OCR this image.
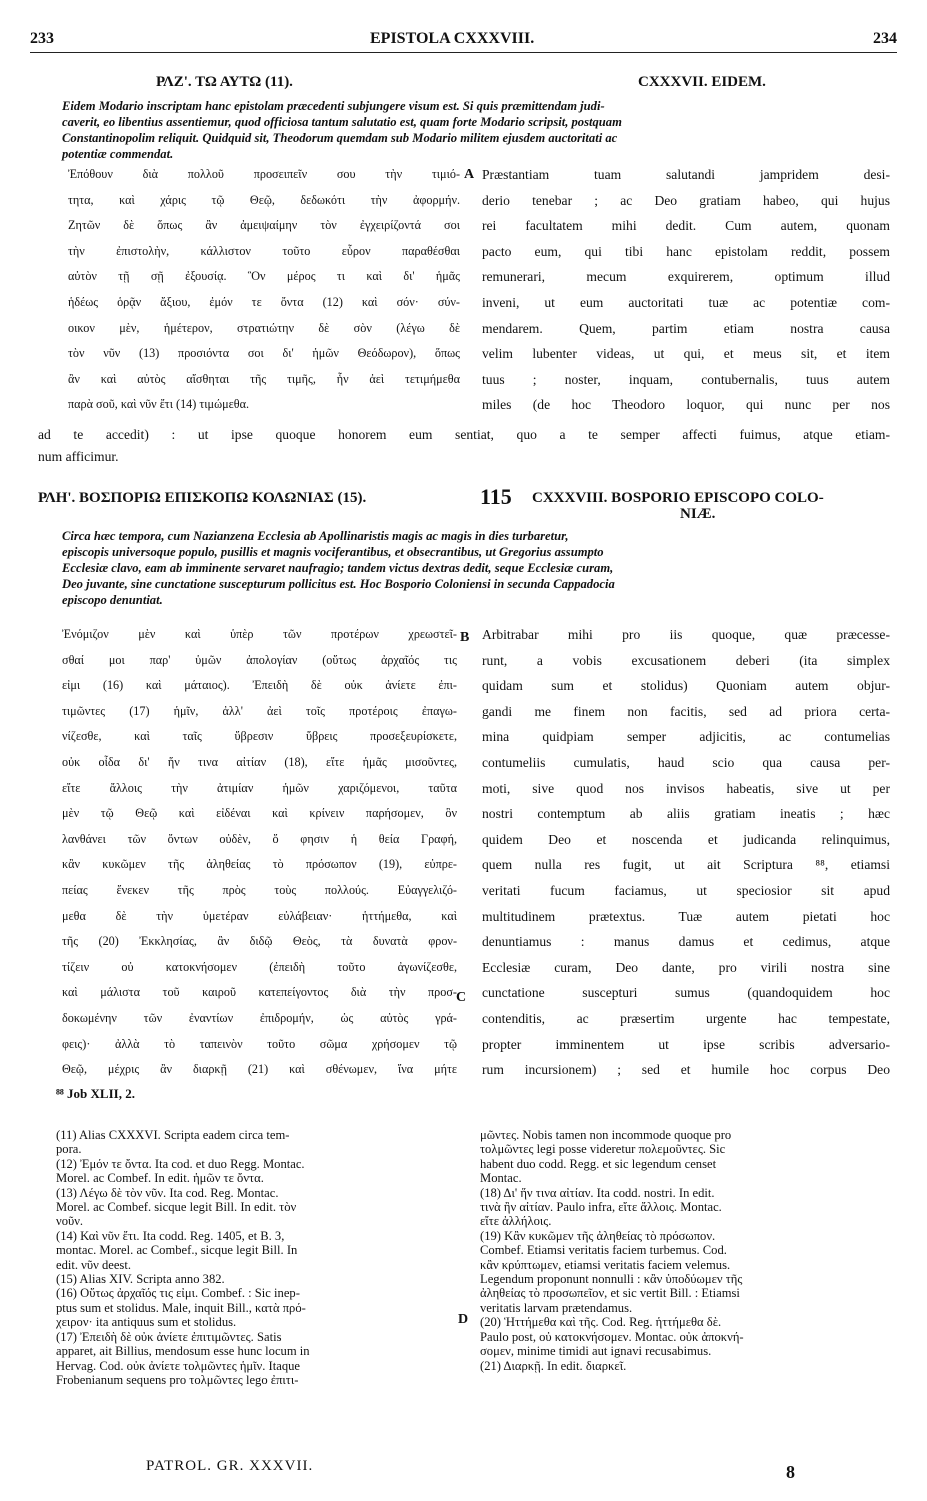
233	EPISTOLA CXXXVIII.	234
ΡΛΖ'. ΤΩ ΑΥΤΩ (11).	CXXXVII. EIDEM.
Eidem Modario inscriptam hanc epistolam præcedenti subjungere visum est. Si quis præmittendam judi-
caverit, eo libentius assentiemur, quod officiosa tantum salutatio est, quam forte Modario scripsit, postquam
Constantinopolim reliquit. Quidquid sit, Theodorum quemdam sub Modario militem ejusdem auctoritati ac
potentiæ commendat.
Ἐπόθουν διὰ πολλοῦ προσειπεῖν σου τὴν τιμιό-
τητα, καὶ χάρις τῷ Θεῷ, δεδωκότι τὴν ἀφορμήν.
Ζητῶν δὲ ὅπως ἂν ἀμειψαίμην τὸν ἐγχειρίζοντά σοι
τὴν ἐπιστολὴν, κάλλιστον τοῦτο εὗρον παραθέσθαι
αὐτὸν τῇ σῇ ἐξουσίᾳ. Ὃν μέρος τι καὶ δι' ἡμᾶς
ἡδέως ὁρᾷν ἄξιου, ἐμόν τε ὄντα (12) καὶ σόν· σύν-
οικον μὲν, ἡμέτερον, στρατιώτην δὲ σὸν (λέγω δὲ
τὸν νῦν (13) προσιόντα σοι δι' ἡμῶν Θεόδωρον), ὅπως
ἂν καὶ αὐτὸς αἴσθηται τῆς τιμῆς, ἧν ἀεὶ τετιμήμεθα
παρὰ σοῦ, καὶ νῦν ἔτι (14) τιμώμεθα.
A Præstantiam tuam salutandi jampridem desi-
derio tenebar ; ac Deo gratiam habeo, qui hujus
rei facultatem mihi dedit. Cum autem, quonam
pacto eum, qui tibi hanc epistolam reddit, possem
remunerari, mecum exquirerem, optimum illud
inveni, ut eum auctoritati tuæ ac potentiæ com-
mendarem. Quem, partim etiam nostra causa
velim lubenter videas, ut qui, et meus sit, et item
tuus ; noster, inquam, contubernalis, tuus autem
miles (de hoc Theodoro loquor, qui nunc per nos
ad te accedit) : ut ipse quoque honorem eum sentiat, quo a te semper affecti fuimus, atque etiam-
num afficimur.
ΡΛΗ'. ΒΟΣΠΟΡΙΩ ΕΠΙΣΚΟΠΩ ΚΟΛΩΝΙΑΣ (15).	115 CXXXVIII. BOSPORIO EPISCOPO COLO-
NIÆ.
Circa hæc tempora, cum Nazianzena Ecclesia ab Apollinaristis magis ac magis in dies turbaretur,
episcopis universoque populo, pusillis et magnis vociferantibus, et obsecrantibus, ut Gregorius assumpto
Ecclesiæ clavo, eam ab imminente servaret naufragio; tandem victus dextras dedit, seque Ecclesiæ curam,
Deo juvante, sine cunctatione suscepturum pollicitus est. Hoc Bosporio Coloniensi in secunda Cappadocia
episcopo denuntiat.
Ἐνόμιζον μὲν καὶ ὑπὲρ τῶν προτέρων χρεωστεῖ-
σθαί μοι παρ' ὑμῶν ἀπολογίαν (οὕτως ἀρχαῖός τις
εἰμι (16) καὶ μάταιος). Ἐπειδὴ δὲ οὐκ ἀνίετε ἐπι-
τιμῶντες (17) ἡμῖν, ἀλλ' ἀεὶ τοῖς προτέροις ἐπαγω-
νίζεσθε, καὶ ταῖς ὕβρεσιν ὕβρεις προσεξευρίσκετε,
οὐκ οἶδα δι' ἥν τινα αἰτίαν (18), εἴτε ἡμᾶς μισοῦντες,
εἴτε ἄλλοις τὴν ἀτιμίαν ἡμῶν χαριζόμενοι, ταῦτα
μὲν τῷ Θεῷ καὶ εἰδέναι καὶ κρίνειν παρήσομεν, ὃν
λανθάνει τῶν ὄντων οὐδὲν, ὅ φησιν ἡ θεία Γραφή,
κἂν κυκῶμεν τῆς ἀληθείας τὸ πρόσωπον (19), εὐπρε-
πείας ἕνεκεν τῆς πρὸς τοὺς πολλούς. Εὐαγγελιζό-
μεθα δὲ τὴν ὑμετέραν εὐλάβειαν· ἡττήμεθα, καὶ
τῆς (20) Ἐκκλησίας, ἂν διδῷ Θεὸς, τὰ δυνατὰ φρον-
τίζειν οὐ κατοκνήσομεν (ἐπειδὴ τοῦτο ἀγωνίζεσθε,
καὶ μάλιστα τοῦ καιροῦ κατεπείγοντος διὰ τὴν προσ-
δοκωμένην τῶν ἐναντίων ἐπιδρομήν, ὡς αὐτὸς γρά-
φεις)· ἀλλὰ τὸ ταπεινὸν τοῦτο σῶμα χρήσομεν τῷ
Θεῷ, μέχρις ἂν διαρκῇ (21) καὶ σθένωμεν, ἵνα μήτε
B
C
Arbitrabar mihi pro iis quoque, quæ præcesse-
runt, a vobis excusationem deberi (ita simplex
quidam sum et stolidus) Quoniam autem objur-
gandi me finem non facitis, sed ad priora certa-
mina quidpiam semper adjicitis, ac contumelias
contumeliis cumulatis, haud scio qua causa per-
moti, sive quod nos invisos habeatis, sive ut per
nostri contemptum ab aliis gratiam ineatis ; hæc
quidem Deo et noscenda et judicanda relinquimus,
quem nulla res fugit, ut ait Scriptura ⁸⁸, etiamsi
veritati fucum faciamus, ut speciosior sit apud
multitudinem prætextus. Tuæ autem pietati hoc
denuntiamus : manus damus et cedimus, atque
Ecclesiæ curam, Deo dante, pro virili nostra sine
cunctatione suscepturi sumus (quandoquidem hoc
contenditis, ac præsertim urgente hac tempestate,
propter imminentem ut ipse scribis adversario-
rum incursionem) ; sed et humile hoc corpus Deo
⁸⁸ Job XLII, 2.
(11) Alias CXXXVI. Scripta eadem circa tem-
pora.
(12) Ἐμόν τε ὄντα. Ita cod. et duo Regg. Montac.
Morel. ac Combef. In edit. ἡμῶν τε ὄντα.
(13) Λέγω δὲ τὸν νῦν. Ita cod. Reg. Montac.
Morel. ac Combef. sicque legit Bill. In edit. τὸν
νοῦν.
(14) Καὶ νῦν ἔτι. Ita codd. Reg. 1405, et B. 3,
montac. Morel. ac Combef., sicque legit Bill. In
edit. νῦν deest.
(15) Alias XIV. Scripta anno 382.
(16) Οὕτως ἀρχαῖός τις εἰμι. Combef. : Sic inep-
ptus sum et stolidus. Male, inquit Bill., κατὰ πρό-
χειρον· ita antiquus sum et stolidus.
(17) Ἐπειδὴ δὲ οὐκ ἀνίετε ἐπιτιμῶντες. Satis
apparet, ait Billius, mendosum esse hunc locum in
Hervag. Cod. οὐκ ἀνίετε τολμῶντες ἡμῖν. Itaque
Frobenianum sequens pro τολμῶντες lego ἐπιτι-
D
μῶντες. Nobis tamen non incommode quoque pro
τολμῶντες legi posse videretur πολεμοῦντες. Sic
habent duo codd. Regg. et sic legendum censet
Montac.
(18) Δι' ἥν τινα αἰτίαν. Ita codd. nostri. In edit.
τινὰ ἢν αἰτίαν. Paulo infra, εἴτε ἄλλοις. Montac.
εἴτε ἀλλήλοις.
(19) Κἂν κυκῶμεν τῆς ἀληθείας τὸ πρόσωπον.
Combef. Etiamsi veritatis faciem turbemus. Cod.
κἂν κρύπτωμεν, etiamsi veritatis faciem velemus.
Legendum proponunt nonnulli : κἂν ὑποδύωμεν τῆς
ἀληθείας τὸ προσωπεῖον, et sic vertit Bill. : Etiamsi
veritatis larvam prætendamus.
(20) Ἡττήμεθα καὶ τῆς. Cod. Reg. ἡττήμεθα δὲ.
Paulo post, οὐ κατοκνήσομεν. Montac. οὐκ ἀποκνή-
σομεν, minime timidi aut ignavi recusabimus.
(21) Διαρκῇ. In edit. διαρκεῖ.
PATROL. GR. XXXVII.	8
